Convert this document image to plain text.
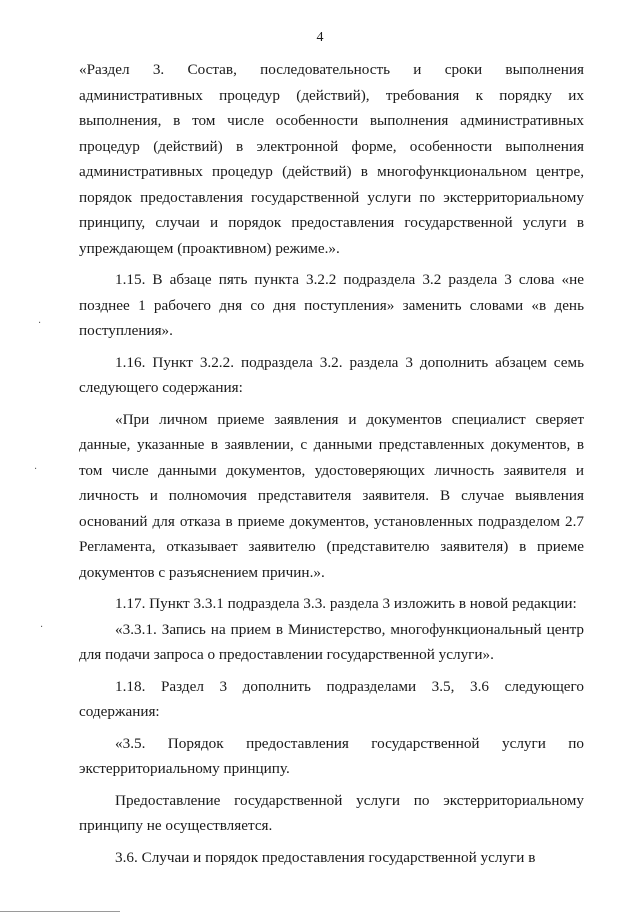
4
·
·
·

«Раздел 3. Состав, последовательность и сроки выполнения административных процедур (действий), требования к порядку их выполнения, в том числе особенности выполнения административных процедур (действий) в электронной форме, особенности выполнения административных процедур (действий) в многофункциональном центре, порядок предоставления государственной услуги по экстерриториальному принципу, случаи и порядок предоставления государственной услуги в упреждающем (проактивном) режиме.».

1.15. В абзаце пять пункта 3.2.2 подраздела 3.2 раздела 3 слова «не позднее 1 рабочего дня со дня поступления» заменить словами «в день поступления».

1.16. Пункт 3.2.2. подраздела 3.2. раздела 3 дополнить абзацем семь следующего содержания:

«При личном приеме заявления и документов специалист сверяет данные, указанные в заявлении, с данными представленных документов, в том числе данными документов, удостоверяющих личность заявителя и личность и полномочия представителя заявителя. В случае выявления оснований для отказа в приеме документов, установленных подразделом 2.7 Регламента, отказывает заявителю (представителю заявителя) в приеме документов с разъяснением причин.».

1.17. Пункт 3.3.1 подраздела 3.3. раздела 3 изложить в новой редакции:

«3.3.1. Запись на прием в Министерство, многофункциональный центр для подачи запроса о предоставлении государственной услуги».

1.18. Раздел 3 дополнить подразделами 3.5, 3.6 следующего содержания:

«3.5. Порядок предоставления государственной услуги по экстерриториальному принципу.

Предоставление государственной услуги по экстерриториальному принципу не осуществляется.

3.6. Случаи и порядок предоставления государственной услуги в
